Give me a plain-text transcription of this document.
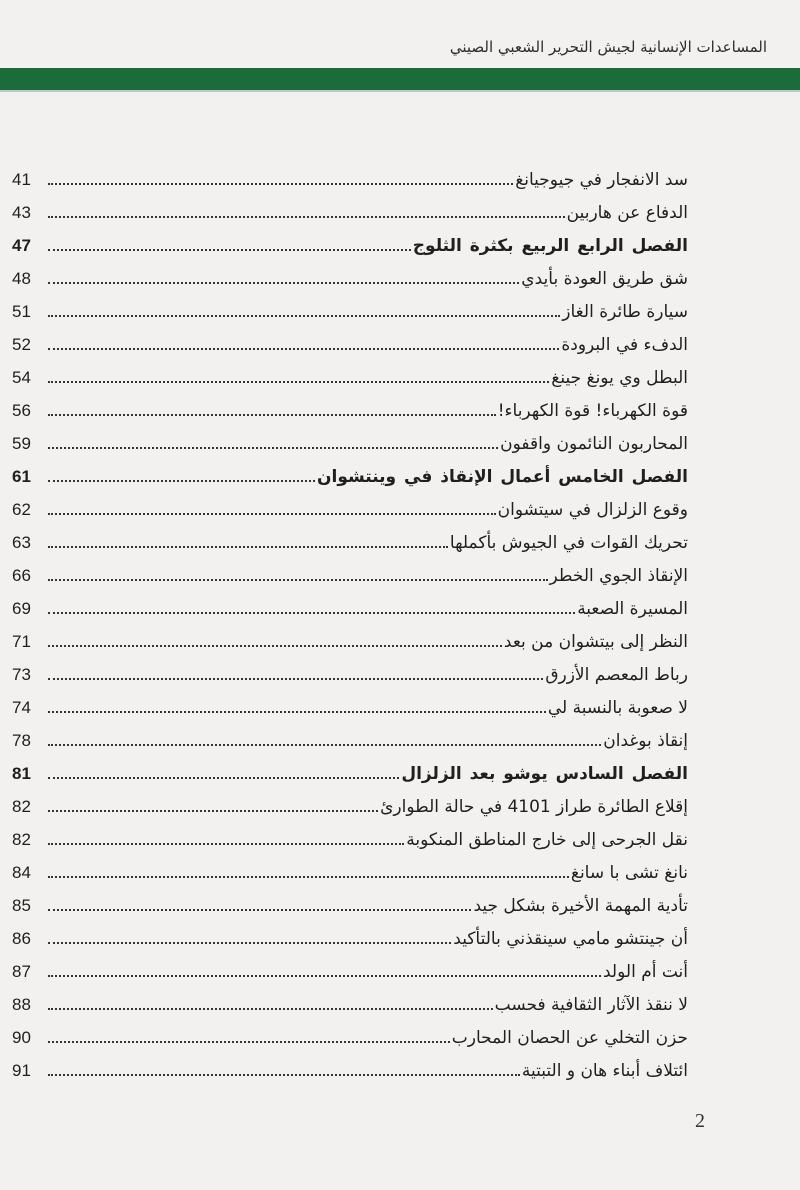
المساعدات الإنسانية لجيش التحرير الشعبي الصيني
سد الانفجار في جيوجيانغ
41
الدفاع عن هاربين
43
الفصل الرابع الربيع بكثرة الثلوج
47
شق طريق العودة بأيدي
48
سيارة طائرة الغاز
51
الدفء في البرودة
52
البطل وي يونغ جينغ
54
قوة الكهرباء! قوة الكهرباء!
56
المحاربون النائمون واقفون
59
الفصل الخامس أعمال الإنقاذ في وينتشوان
61
وقوع الزلزال في سيتشوان
62
تحريك القوات في الجيوش بأكملها
63
الإنقاذ الجوي الخطر
66
المسيرة الصعبة
69
النظر إلى بيتشوان من بعد
71
رباط المعصم الأزرق
73
لا صعوبة بالنسبة لي
74
إنقاذ بوغدان
78
الفصل السادس يوشو بعد الزلزال
81
إقلاع الطائرة طراز 4101 في حالة الطوارئ
82
نقل الجرحى إلى خارج المناطق المنكوبة
82
نانغ تشى با سانغ
84
تأدية المهمة الأخيرة بشكل جيد
85
أن جينتشو مامي سينقذني بالتأكيد
86
أنت أم الولد
87
لا ننقذ الآثار الثقافية فحسب
88
حزن التخلي عن الحصان المحارب
90
ائتلاف أبناء هان و التبتية
91
2
